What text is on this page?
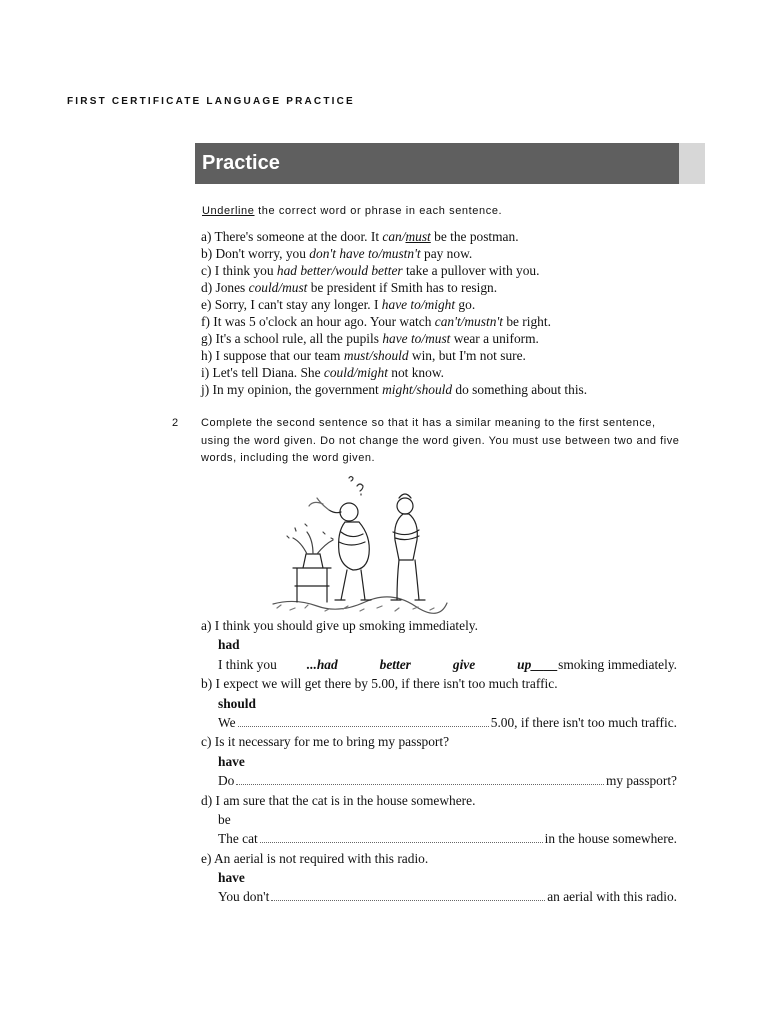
FIRST CERTIFICATE LANGUAGE PRACTICE
Practice
Underline the correct word or phrase in each sentence.
a) There's someone at the door. It can/must be the postman.
b) Don't worry, you don't have to/mustn't pay now.
c) I think you had better/would better take a pullover with you.
d) Jones could/must be president if Smith has to resign.
e) Sorry, I can't stay any longer. I have to/might go.
f) It was 5 o'clock an hour ago. Your watch can't/mustn't be right.
g) It's a school rule, all the pupils have to/must wear a uniform.
h) I suppose that our team must/should win, but I'm not sure.
i) Let's tell Diana. She could/might not know.
j) In my opinion, the government might/should do something about this.
2 Complete the second sentence so that it has a similar meaning to the first sentence, using the word given. Do not change the word given. You must use between two and five words, including the word given.
a) I think you should give up smoking immediately.
had
I think you ...had	better	give	up____ smoking immediately.
b) I expect we will get there by 5.00, if there isn't too much traffic.
should
We	5.00, if there isn't too much traffic.
c) Is it necessary for me to bring my passport?
have
Do	my passport?
d) I am sure that the cat is in the house somewhere.
be
The cat	in the house somewhere.
e) An aerial is not required with this radio.
have
You don't	an aerial with this radio.
